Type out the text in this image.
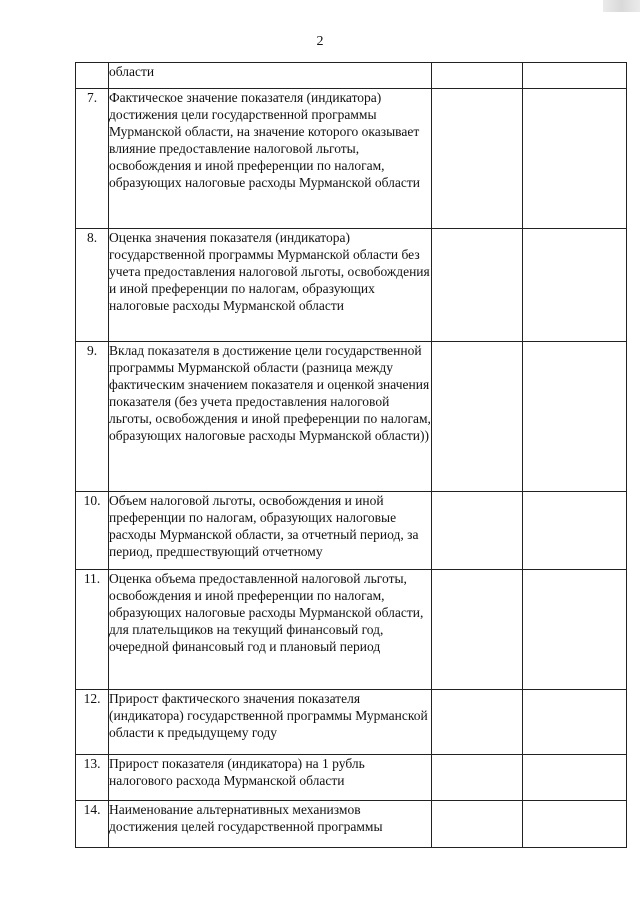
2
	области		
7.	Фактическое значение показателя (индикатора) достижения цели государственной программы Мурманской области, на значение которого оказывает влияние предоставление налоговой льготы, освобождения и иной преференции по налогам, образующих налоговые расходы Мурманской области		
8.	Оценка значения показателя (индикатора) государственной программы Мурманской области без учета предоставления налоговой льготы, освобождения и иной преференции по налогам, образующих налоговые расходы Мурманской области		
9.	Вклад показателя в достижение цели государственной программы Мурманской области (разница между фактическим значением показателя и оценкой значения показателя (без учета предоставления налоговой льготы, освобождения и иной преференции по налогам, образующих налоговые расходы Мурманской области))		
10.	Объем налоговой льготы, освобождения и иной преференции по налогам, образующих налоговые расходы Мурманской области, за отчетный период, за период, предшествующий отчетному		
11.	Оценка объема предоставленной налоговой льготы, освобождения и иной преференции по налогам, образующих налоговые расходы Мурманской области, для плательщиков на текущий финансовый год, очередной финансовый год и плановый период		
12.	Прирост фактического значения показателя (индикатора) государственной программы Мурманской области к предыдущему году		
13.	Прирост показателя (индикатора) на 1 рубль налогового расхода Мурманской области		
14.	Наименование альтернативных механизмов достижения целей государственной программы		
